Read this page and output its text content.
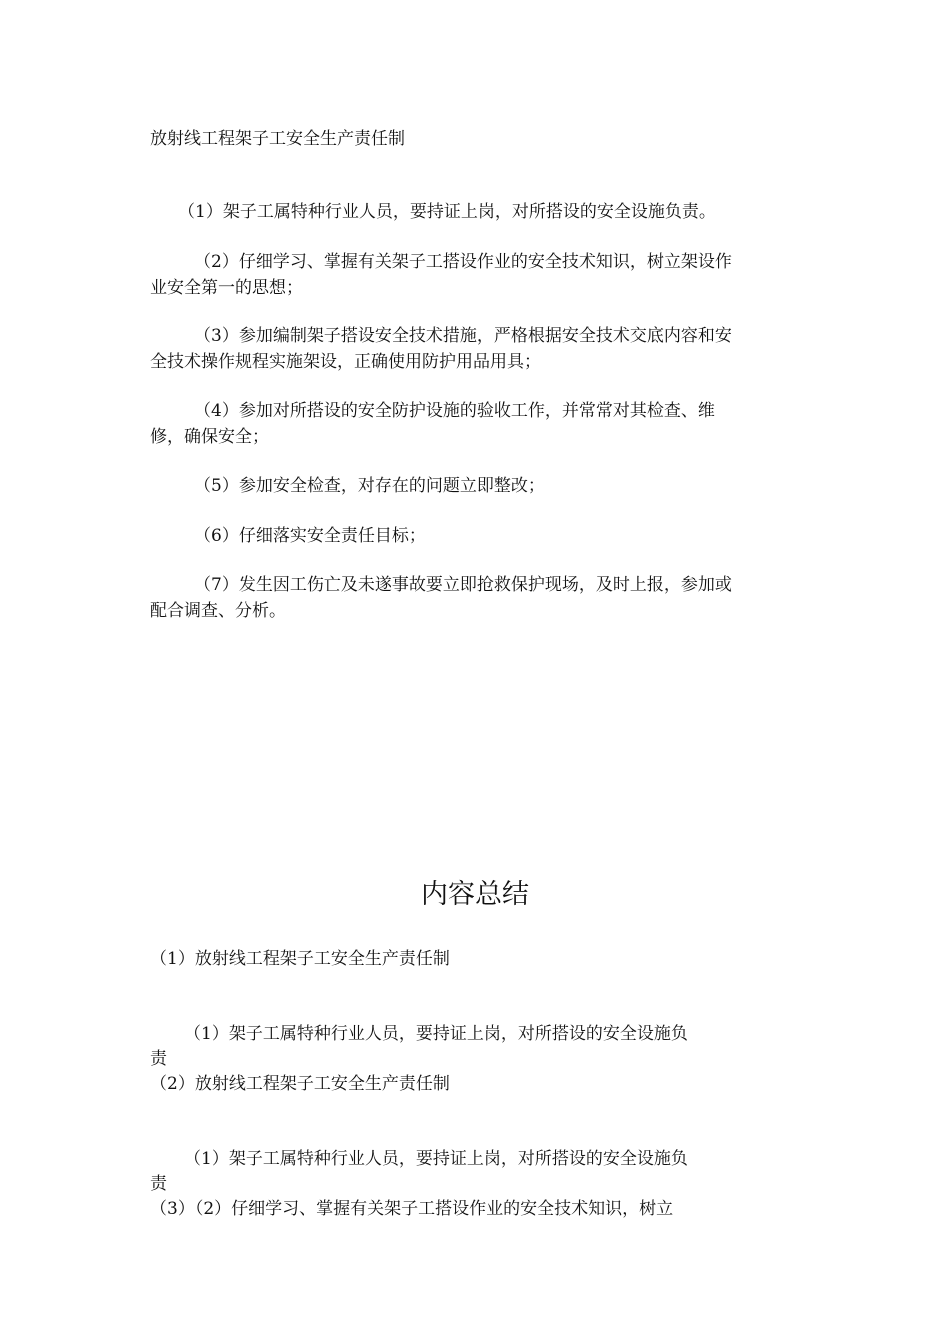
放射线工程架子工安全生产责任制
（1）架子工属特种行业人员，要持证上岗，对所搭设的安全设施负责。
（2）仔细学习、掌握有关架子工搭设作业的安全技术知识，树立架设作
业安全第一的思想；
（3）参加编制架子搭设安全技术措施，严格根据安全技术交底内容和安
全技术操作规程实施架设，正确使用防护用品用具；
（4）参加对所搭设的安全防护设施的验收工作，并常常对其检查、维
修，确保安全；
（5）参加安全检查，对存在的问题立即整改；
（6）仔细落实安全责任目标；
（7）发生因工伤亡及未遂事故要立即抢救保护现场，及时上报，参加或
配合调查、分析。
内容总结
（1）放射线工程架子工安全生产责任制
（1）架子工属特种行业人员，要持证上岗，对所搭设的安全设施负
责
（2）放射线工程架子工安全生产责任制
（1）架子工属特种行业人员，要持证上岗，对所搭设的安全设施负
责
（3）（2）仔细学习、掌握有关架子工搭设作业的安全技术知识，树立
